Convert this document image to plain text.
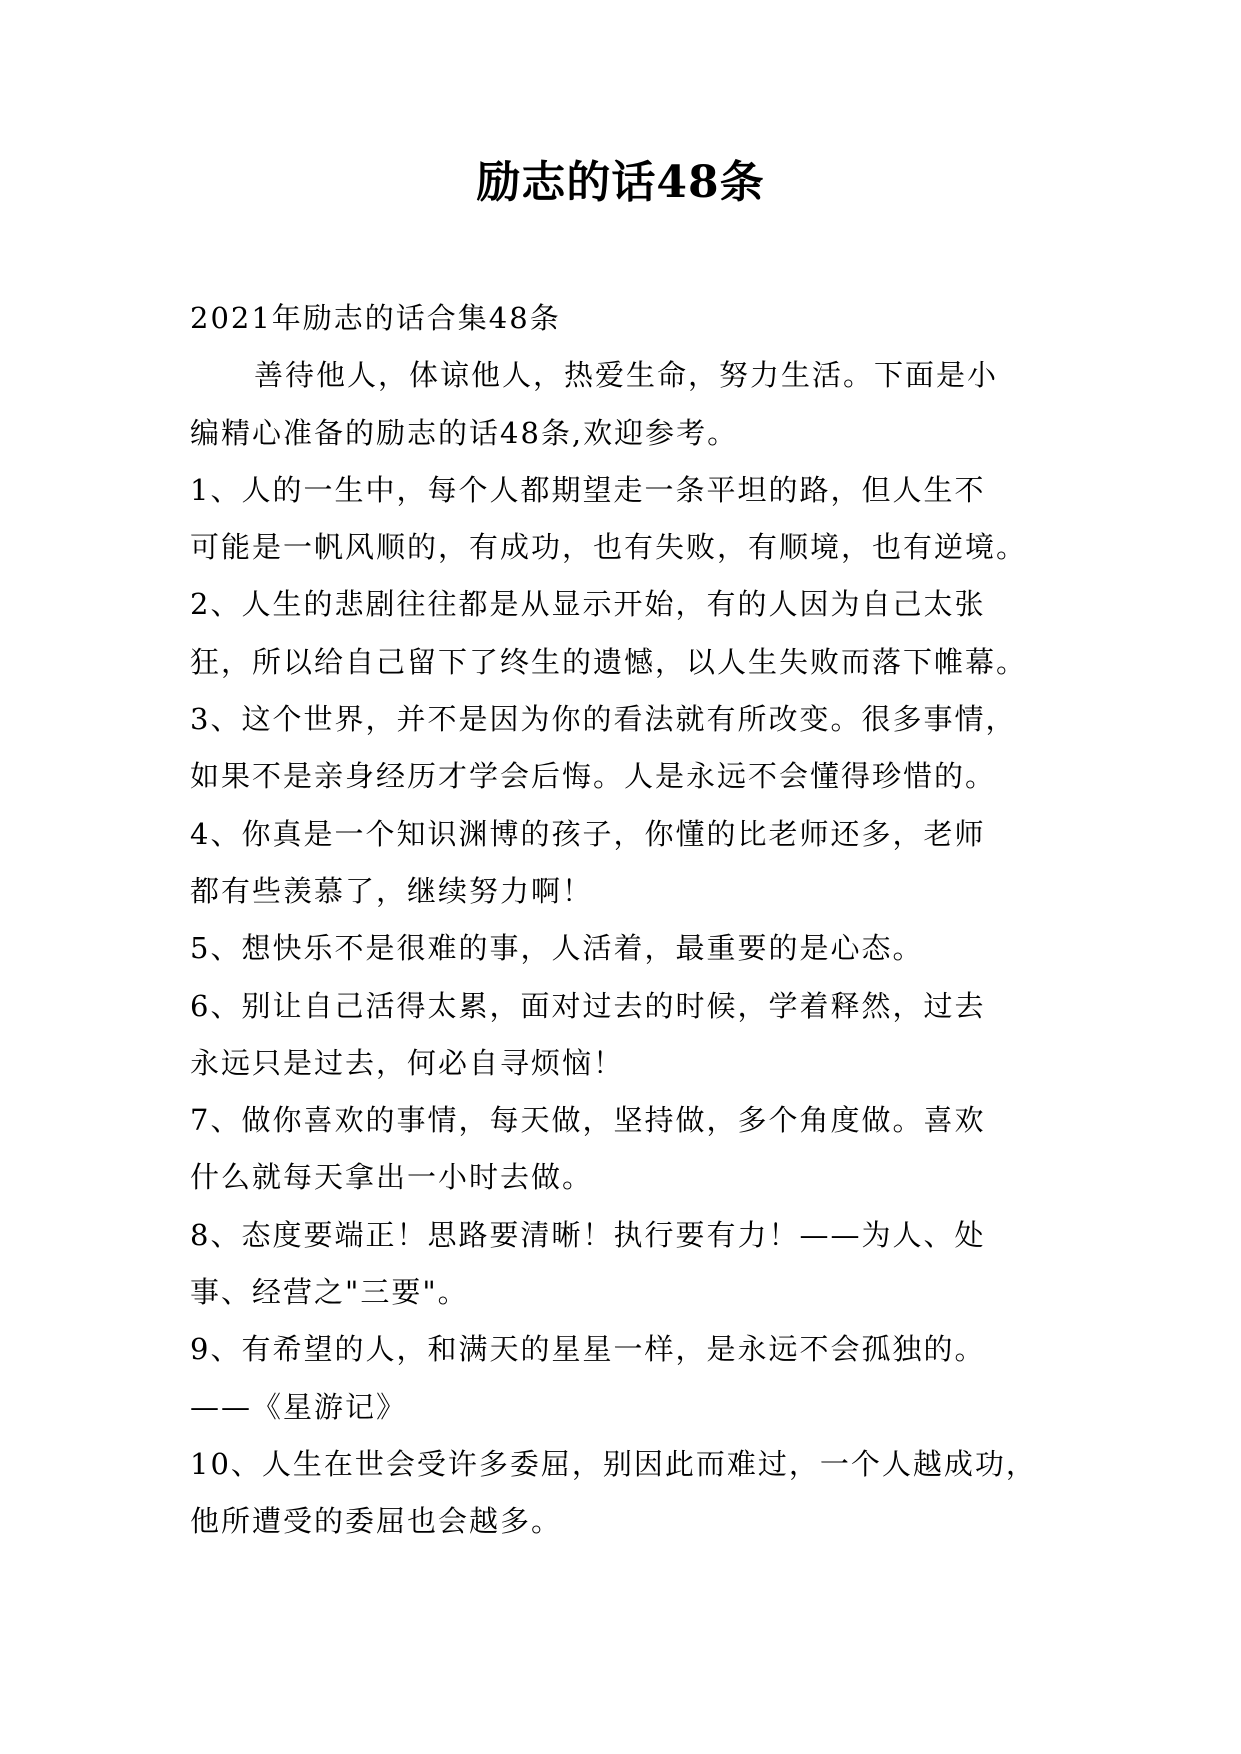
励志的话48条
2021年励志的话合集48条
善待他人，体谅他人，热爱生命，努力生活。下面是小
编精心准备的励志的话48条,欢迎参考。
1、人的一生中，每个人都期望走一条平坦的路，但人生不
可能是一帆风顺的，有成功，也有失败，有顺境，也有逆境。
2、人生的悲剧往往都是从显示开始，有的人因为自己太张
狂，所以给自己留下了终生的遗憾，以人生失败而落下帷幕。
3、这个世界，并不是因为你的看法就有所改变。很多事情，
如果不是亲身经历才学会后悔。人是永远不会懂得珍惜的。
4、你真是一个知识渊博的孩子，你懂的比老师还多，老师
都有些羡慕了，继续努力啊！
5、想快乐不是很难的事，人活着，最重要的是心态。
6、别让自己活得太累，面对过去的时候，学着释然，过去
永远只是过去，何必自寻烦恼！
7、做你喜欢的事情，每天做，坚持做，多个角度做。喜欢
什么就每天拿出一小时去做。
8、态度要端正！思路要清晰！执行要有力！——为人、处
事、经营之"三要"。
9、有希望的人，和满天的星星一样，是永远不会孤独的。
——《星游记》
10、人生在世会受许多委屈，别因此而难过，一个人越成功，
他所遭受的委屈也会越多。
